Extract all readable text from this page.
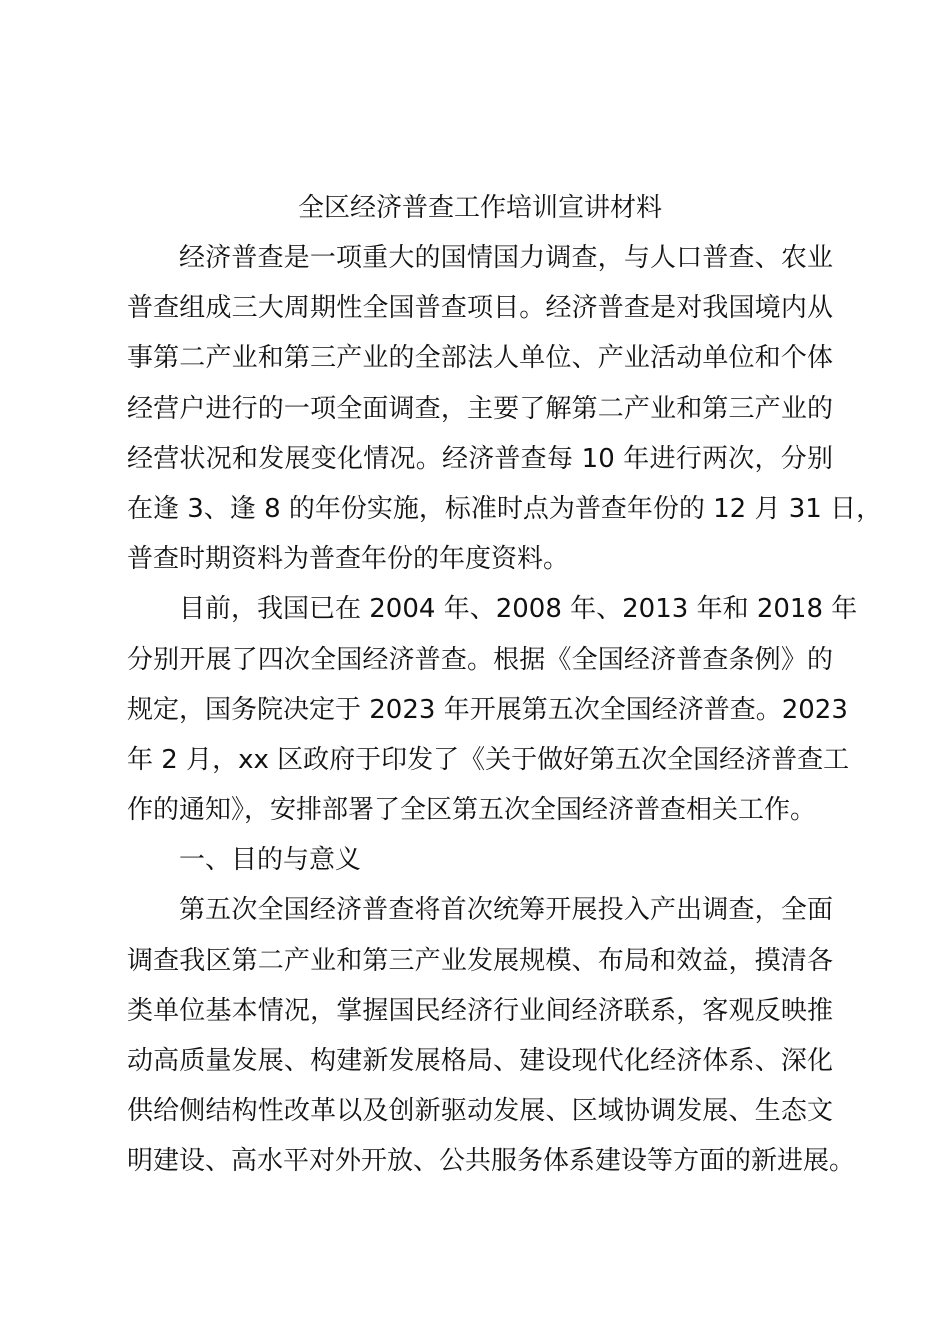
全区经济普查工作培训宣讲材料
经济普查是一项重大的国情国力调查，与人口普查、农业
普查组成三大周期性全国普查项目。经济普查是对我国境内从
事第二产业和第三产业的全部法人单位、产业活动单位和个体
经营户进行的一项全面调查，主要了解第二产业和第三产业的
经营状况和发展变化情况。经济普查每 10 年进行两次，分别
在逢 3、逢 8 的年份实施，标准时点为普查年份的 12 月 31 日，
普查时期资料为普查年份的年度资料。
目前，我国已在 2004 年、2008 年、2013 年和 2018 年
分别开展了四次全国经济普查。根据《全国经济普查条例》的
规定，国务院决定于 2023 年开展第五次全国经济普查。2023
年 2 月，xx 区政府于印发了《关于做好第五次全国经济普查工
作的通知》，安排部署了全区第五次全国经济普查相关工作。
一、目的与意义
第五次全国经济普查将首次统筹开展投入产出调查，全面
调查我区第二产业和第三产业发展规模、布局和效益，摸清各
类单位基本情况，掌握国民经济行业间经济联系，客观反映推
动高质量发展、构建新发展格局、建设现代化经济体系、深化
供给侧结构性改革以及创新驱动发展、区域协调发展、生态文
明建设、高水平对外开放、公共服务体系建设等方面的新进展。
